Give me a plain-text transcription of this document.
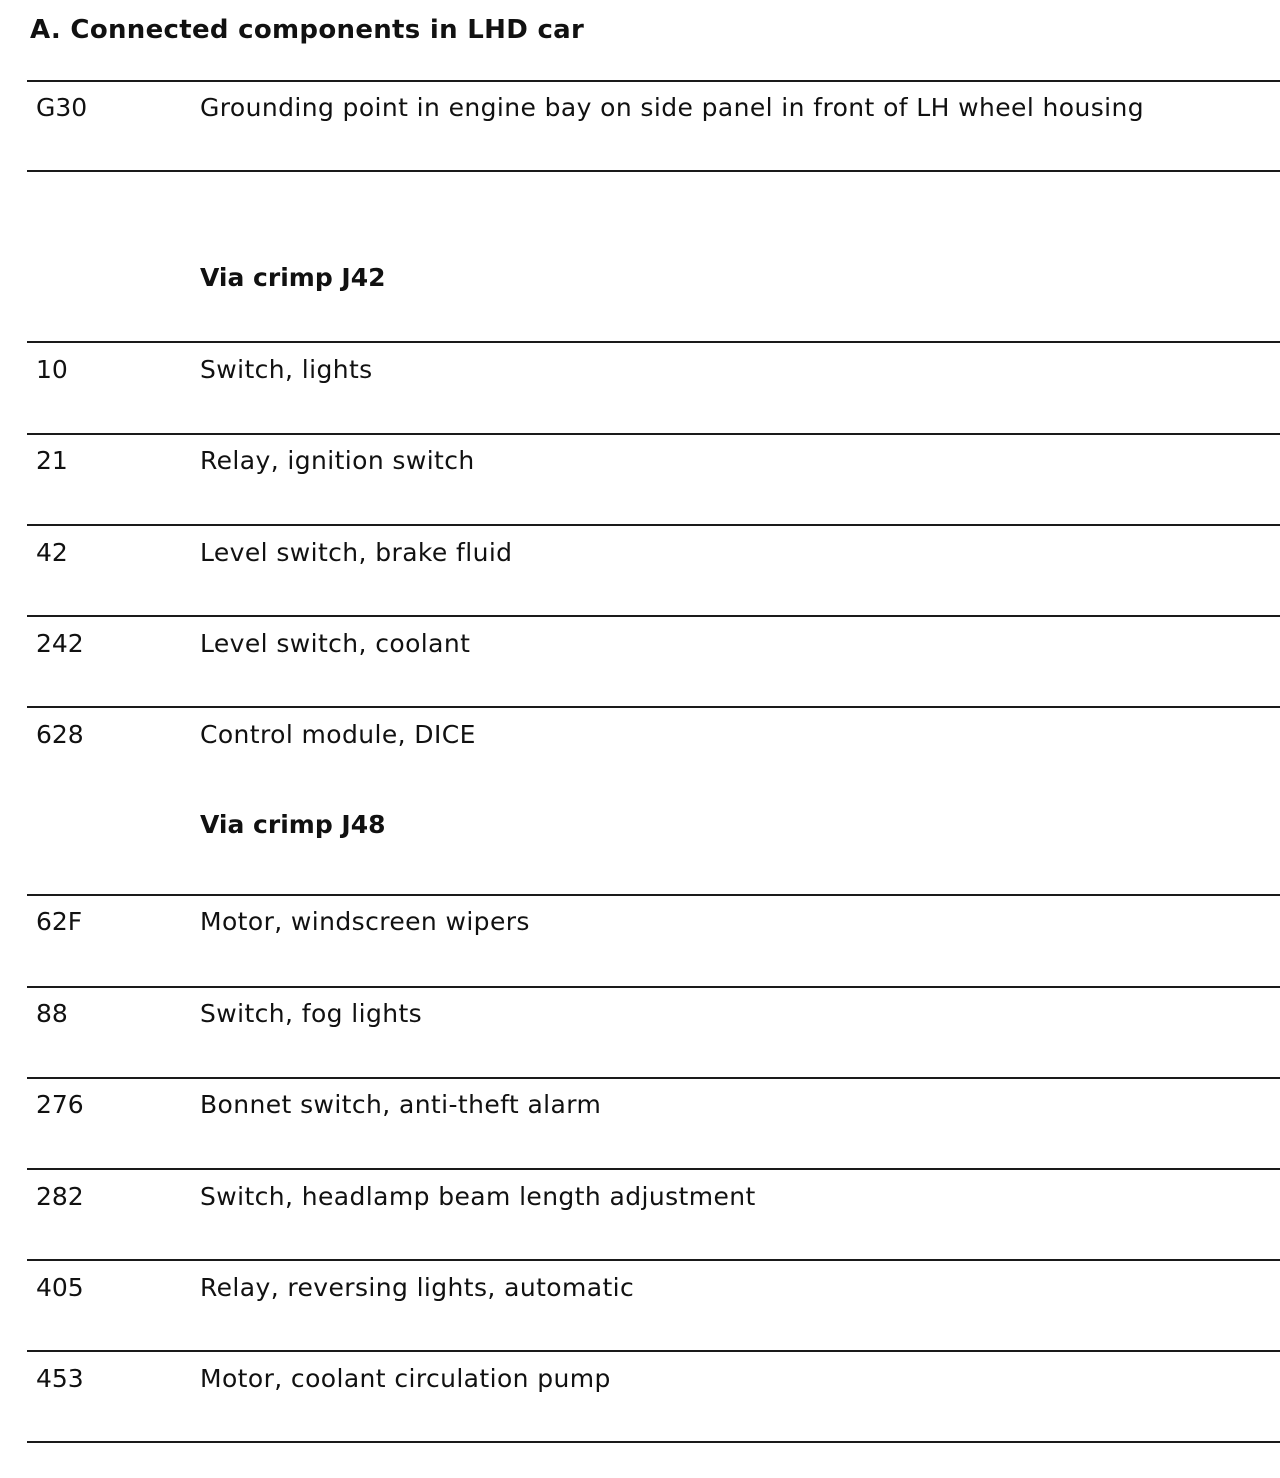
A. Connected components in LHD car
G30	Grounding point in engine bay on side panel in front of LH wheel housing
Via crimp J42
10	Switch, lights
21	Relay, ignition switch
42	Level switch, brake fluid
242	Level switch, coolant
628	Control module, DICE
Via crimp J48
62F	Motor, windscreen wipers
88	Switch, fog lights
276	Bonnet switch, anti-theft alarm
282	Switch, headlamp beam length adjustment
405	Relay, reversing lights, automatic
453	Motor, coolant circulation pump
